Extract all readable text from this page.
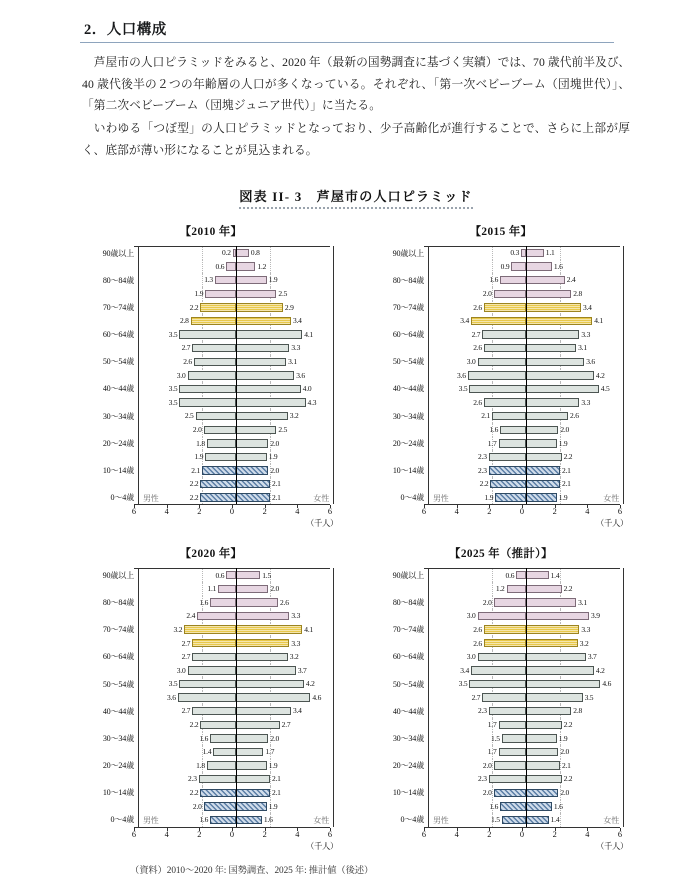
2．人口構成

芦屋市の人口ピラミッドをみると、2020 年（最新の国勢調査に基づく実績）では、70 歳代前半及び、40 歳代後半の２つの年齢層の人口が多くなっている。それぞれ、「第一次ベビーブーム（団塊世代）」、「第二次ベビーブーム（団塊ジュニア世代）」に当たる。

いわゆる「つぼ型」の人口ピラミッドとなっており、少子高齢化が進行することで、さらに上部が厚く、底部が薄い形になることが見込まれる。

図表 II- 3　芦屋市の人口ピラミッド
【2010 年】
90歳以上	0.2	0.8
0.6	1.2
80～84歳	1.3	1.9
1.9	2.5
70～74歳	2.2	2.9
2.8	3.4
60～64歳	3.5	4.1
2.7	3.3
50～54歳	2.6	3.1
3.0	3.6
40～44歳	3.5	4.0
3.5	4.3
30～34歳	2.5	3.2
2.0	2.5
20～24歳	1.8	2.0
1.9	1.9
10～14歳	2.1	2.0
2.2	2.1
0～4歳	2.2	2.1
男性	女性
6	4	2	0	2	4	6
（千人）
【2015 年】
90歳以上	0.3	1.1
0.9	1.6
80～84歳	1.6	2.4
2.0	2.8
70～74歳	2.6	3.4
3.4	4.1
60～64歳	2.7	3.3
2.6	3.1
50～54歳	3.0	3.6
3.6	4.2
40～44歳	3.5	4.5
2.6	3.3
30～34歳	2.1	2.6
1.6	2.0
20～24歳	1.7	1.9
2.3	2.2
10～14歳	2.3	2.1
2.2	2.1
0～4歳	1.9	1.9
男性	女性
6	4	2	0	2	4	6
（千人）
【2020 年】
90歳以上	0.6	1.5
1.1	2.0
80～84歳	1.6	2.6
2.4	3.3
70～74歳	3.2	4.1
2.7	3.3
60～64歳	2.7	3.2
3.0	3.7
50～54歳	3.5	4.2
3.6	4.6
40～44歳	2.7	3.4
2.2	2.7
30～34歳	1.6	2.0
1.4	1.7
20～24歳	1.8	1.9
2.3	2.1
10～14歳	2.2	2.1
2.0	1.9
0～4歳	1.6	1.6
男性	女性
6	4	2	0	2	4	6
（千人）
【2025 年（推計）】
90歳以上	0.6	1.4
1.2	2.2
80～84歳	2.0	3.1
3.0	3.9
70～74歳	2.6	3.3
2.6	3.2
60～64歳	3.0	3.7
3.4	4.2
50～54歳	3.5	4.6
2.7	3.5
40～44歳	2.3	2.8
1.7	2.2
30～34歳	1.5	1.9
1.7	2.0
20～24歳	2.0	2.1
2.3	2.2
10～14歳	2.0	2.0
1.6	1.6
0～4歳	1.5	1.4
男性	女性
6	4	2	0	2	4	6
（千人）
（資料）2010～2020 年: 国勢調査、2025 年: 推計値（後述）
